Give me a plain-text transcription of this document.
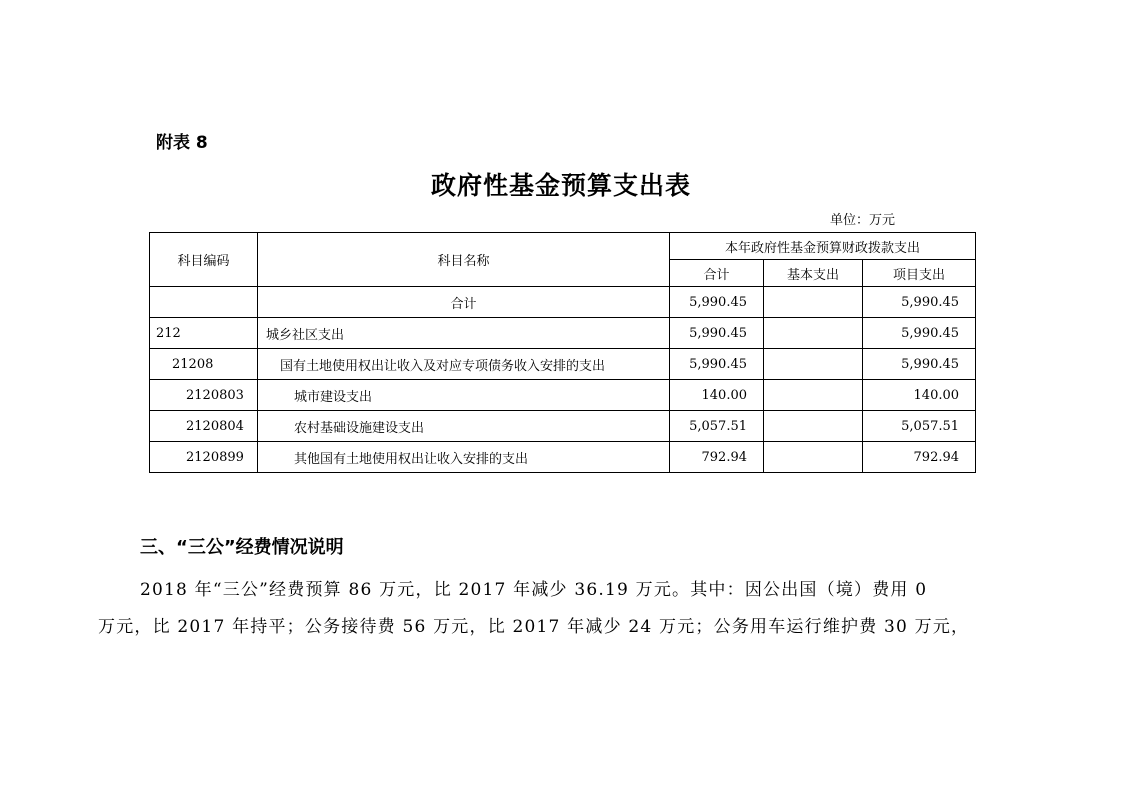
附表 8
政府性基金预算支出表
单位：万元
科目编码	科目名称	本年政府性基金预算财政拨款支出		
		合计	基本支出	项目支出
	合计	5,990.45		5,990.45
212	城乡社区支出	5,990.45		5,990.45
21208	国有土地使用权出让收入及对应专项债务收入安排的支出	5,990.45		5,990.45
2120803	城市建设支出	140.00		140.00
2120804	农村基础设施建设支出	5,057.51		5,057.51
2120899	其他国有土地使用权出让收入安排的支出	792.94		792.94
三、“三公”经费情况说明
2018 年“三公”经费预算 86 万元，比 2017 年减少 36.19 万元。其中：因公出国（境）费用 0
万元，比 2017 年持平；公务接待费 56 万元，比 2017 年减少 24 万元；公务用车运行维护费 30 万元，
